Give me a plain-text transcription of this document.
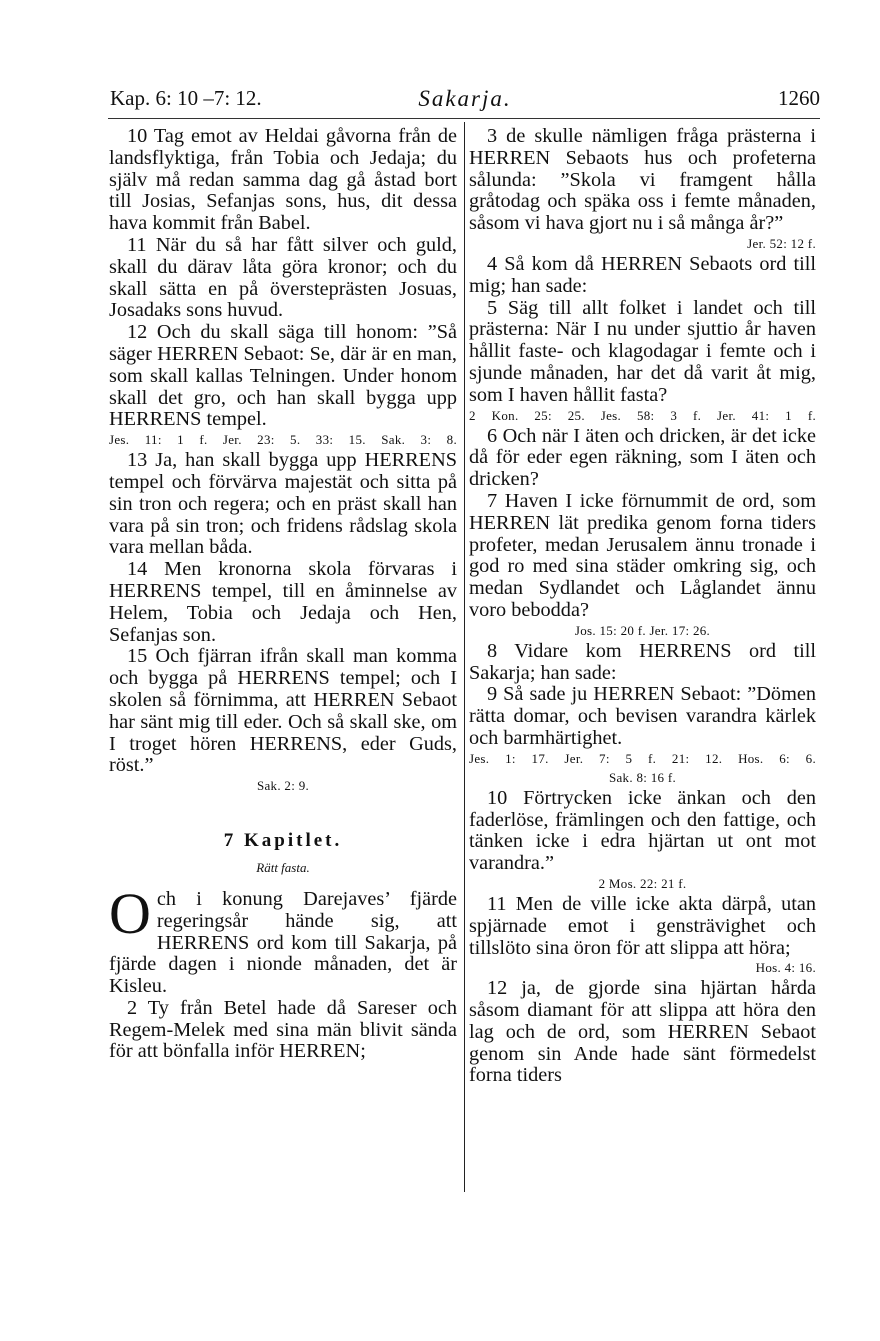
Kap. 6: 10 –7: 12.	Sakarja.	1260

10 Tag emot av Heldai gåvorna från de landsflyktiga, från Tobia och Jedaja; du själv må redan samma dag gå åstad bort till Josias, Sefanjas sons, hus, dit dessa hava kommit från Babel.

11 När du så har fått silver och guld, skall du därav låta göra kronor; och du skall sätta en på översteprästen Josuas, Josadaks sons huvud.

12 Och du skall säga till honom: ”Så säger HERREN Sebaot: Se, där är en man, som skall kallas Telningen. Under honom skall det gro, och han skall bygga upp HERRENS tempel.

Jes. 11: 1 f. Jer. 23: 5. 33: 15. Sak. 3: 8.

13 Ja, han skall bygga upp HERRENS tempel och förvärva majestät och sitta på sin tron och regera; och en präst skall han vara på sin tron; och fridens rådslag skola vara mellan båda.

14 Men kronorna skola förvaras i HERRENS tempel, till en åminnelse av Helem, Tobia och Jedaja och Hen, Sefanjas son.

15 Och fjärran ifrån skall man komma och bygga på HERRENS tempel; och I skolen så förnimma, att HERREN Sebaot har sänt mig till eder. Och så skall ske, om I troget hören HERRENS, eder Guds, röst.”

Sak. 2: 9.
7 Kapitlet.
Rätt fasta.

Och i konung Darejaves’ fjärde regeringsår hände sig, att HERRENS ord kom till Sakarja, på fjärde dagen i nionde månaden, det är Kisleu.

2 Ty från Betel hade då Sareser och Regem-Melek med sina män blivit sända för att bönfalla inför HERREN;

3 de skulle nämligen fråga prästerna i HERREN Sebaots hus och profeterna sålunda: ”Skola vi framgent hålla gråtodag och späka oss i femte månaden, såsom vi hava gjort nu i så många år?”

Jer. 52: 12 f.

4 Så kom då HERREN Sebaots ord till mig; han sade:

5 Säg till allt folket i landet och till prästerna: När I nu under sjuttio år haven hållit faste- och klagodagar i femte och i sjunde månaden, har det då varit åt mig, som I haven hållit fasta?

2 Kon. 25: 25. Jes. 58: 3 f. Jer. 41: 1 f.

6 Och när I äten och dricken, är det icke då för eder egen räkning, som I äten och dricken?

7 Haven I icke förnummit de ord, som HERREN lät predika genom forna tiders profeter, medan Jerusalem ännu tronade i god ro med sina städer omkring sig, och medan Sydlandet och Låglandet ännu voro bebodda?

Jos. 15: 20 f. Jer. 17: 26.

8 Vidare kom HERRENS ord till Sakarja; han sade:

9 Så sade ju HERREN Sebaot: ”Dömen rätta domar, och bevisen varandra kärlek och barmhärtighet.

Jes. 1: 17. Jer. 7: 5 f. 21: 12. Hos. 6: 6.
Sak. 8: 16 f.

10 Förtrycken icke änkan och den faderlöse, främlingen och den fattige, och tänken icke i edra hjärtan ut ont mot varandra.”

2 Mos. 22: 21 f.

11 Men de ville icke akta därpå, utan spjärnade emot i gensträvighet och tillslöto sina öron för att slippa att höra;

Hos. 4: 16.

12 ja, de gjorde sina hjärtan hårda såsom diamant för att slippa att höra den lag och de ord, som HERREN Sebaot genom sin Ande hade sänt förmedelst forna tiders
